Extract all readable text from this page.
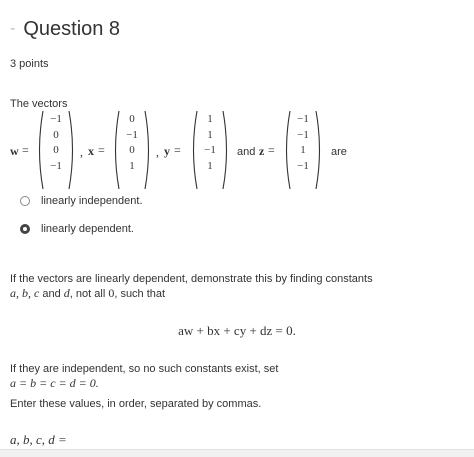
- Question 8
3 points
The vectors
w =
−1
0
0
−1
, x =
0
−1
0
1
, y =
1
1
−1
1
and z =
−1
−1
1
−1
are
linearly independent.
linearly dependent.
If the vectors are linearly dependent, demonstrate this by finding constants
a, b, c and d, not all 0, such that
aw + bx + cy + dz = 0.
If they are independent, so no such constants exist, set
a = b = c = d = 0.
Enter these values, in order, separated by commas.
a, b, c, d =
